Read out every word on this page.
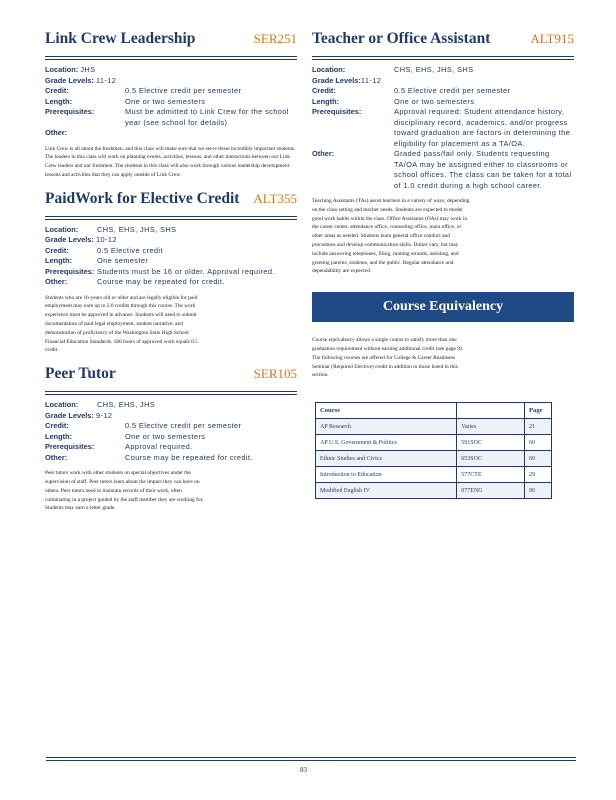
Link Crew Leadership	SER251
Location:
JHS
Grade Levels:
11-12
Credit:	0.5 Elective credit per semester
Length:	One or two semesters
Prerequisites:	Must be admitted to Link Crew for the school year (see school for details)
Other:

Link Crew is all about the freshmen, and this class will make sure that we serve those incredibly important students. The leaders in this class will work on planning events, activities, lessons, and other interactions between our Link Crew leaders and our freshmen. The students in this class will also work through various leadership development lessons and activities that they can apply outside of Link Crew.

PaidWork for Elective Credit ALT355
Location:	CHS, EHS, JHS, SHS
Grade Levels:
10-12
Credit:	0.5 Elective credit
Length:	One semester
Prerequisites: Students must be 16 or older. Approval required.
Other:	Course may be repeated for credit.

Students who are 16-years old or older and are legally eligible for paid employment may earn up to 2.0 credits through this course. The work experience must be approved in advance. Students will need to submit documentation of paid legal employment, student narrative, and demonstration of proficiency of the Washington State High School Financial Education Standards. 180 hours of approved work equals 0.5 credit.

Peer Tutor	SER105
Location:	CHS, EHS, JHS
Grade Levels:
9-12
Credit:	0.5 Elective credit per semester
Length:	One or two semesters
Prerequisites:	Approval required.
Other:	Course may be repeated for credit.

Peer tutors work with other students on special objectives under the supervision of staff. Peer tutors learn about the impact they can have on others. Peer tutors need to maintain records of their work, often culminating in a project guided by the staff member they are working for. Students may earn a letter grade.

Teacher or Office Assistant	ALT915
Location:	CHS, EHS, JHS, SHS
Grade Levels: 11-12
Credit:	0.5 Elective credit per semester
Length:	One or two semesters
Prerequisites:	Approval required: Student attendance history, disciplinary record, academics, and/or progress toward graduation are factors in determining the eligibility for placement as a TA/OA.
Other:	Graded pass/fail only. Students requesting TA/OA may be assigned either to classrooms or school offices. The class can be taken for a total of 1.0 credit during a high school career.

Teaching Assistants (TAs) assist teachers in a variety of ways, depending on the class setting and teacher needs. Students are expected to model good work habits within the class. Office Assistants (OAs) may work in the career center, attendance office, counseling office, main office, or other areas as needed. Students learn general office conduct and procedures and develop communication skills. Duties vary, but may include answering telephones, filing, running errands, assisting, and greeting parents, students, and the public. Regular attendance and dependability are expected.

Course Equivalency

Course equivalency allows a single course to satisfy more than one graduation requirement without earning additional credit (see page 9). The following courses are offered for College & Career Readiness Seminar (Required Elective) credit in addition to those listed in this section.

Course		Page
AP Research	Varies	21
AP U.S. Government & Politics	591SOC	60
Ethnic Studies and Civics	653SOC	60
Introduction to Education	577CTE	29
Modified English IV	077ENG	90
83
